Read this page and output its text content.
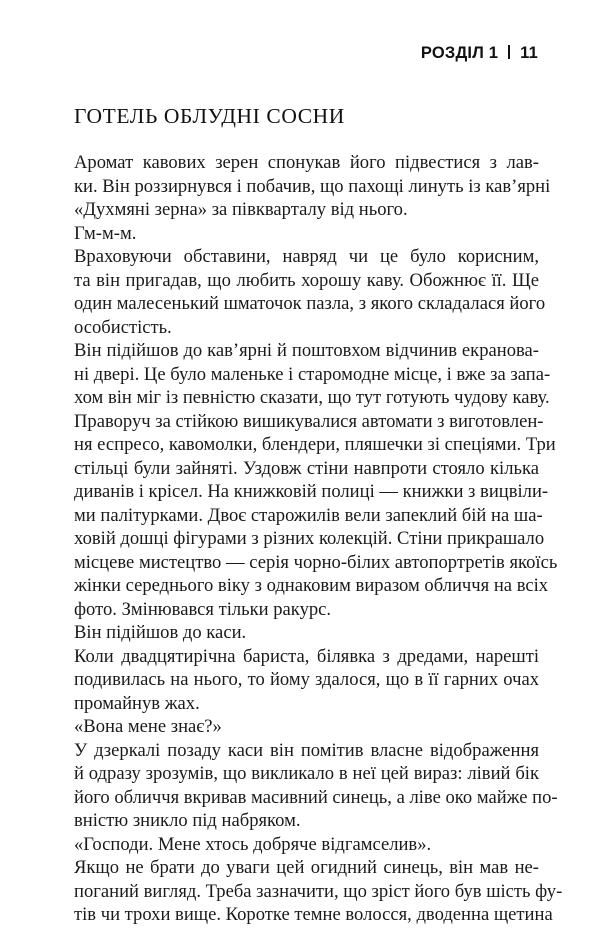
РОЗДІЛ 1 11
ГОТЕЛЬ ОБЛУДНІ СОСНИ
Аромат кавових зерен спонукав його підвестися з лав-
ки. Він роззирнувся і побачив, що пахощі линуть із кав’ярні
«Духмяні зерна» за півкварталу від нього.
Гм-м-м.
Враховуючи обставини, навряд чи це було корисним,
та він пригадав, що любить хорошу каву. Обожнює її. Ще
один малесенький шматочок пазла, з якого складалася його
особистість.
Він підійшов до кав’ярні й поштовхом відчинив екранова-
ні двері. Це було маленьке і старомодне місце, і вже за запа-
хом він міг із певністю сказати, що тут готують чудову каву.
Праворуч за стійкою вишикувалися автомати з виготовлен-
ня еспресо, кавомолки, блендери, пляшечки зі спеціями. Три
стільці були зайняті. Уздовж стіни навпроти стояло кілька
диванів і крісел. На книжковій полиці — книжки з вицвіли-
ми палітурками. Двоє старожилів вели запеклий бій на ша-
ховій дошці фігурами з різних колекцій. Стіни прикрашало
місцеве мистецтво — серія чорно-білих автопортретів якоїсь
жінки середнього віку з однаковим виразом обличчя на всіх
фото. Змінювався тільки ракурс.
Він підійшов до каси.
Коли двадцятирічна бариста, білявка з дредами, нарешті
подивилась на нього, то йому здалося, що в її гарних очах
промайнув жах.
«Вона мене знає?»
У дзеркалі позаду каси він помітив власне відображення
й одразу зрозумів, що викликало в неї цей вираз: лівий бік
його обличчя вкривав масивний синець, а ліве око майже по-
вністю зникло під набряком.
«Господи. Мене хтось добряче відгамселив».
Якщо не брати до уваги цей огидний синець, він мав не-
поганий вигляд. Треба зазначити, що зріст його був шість фу-
тів чи трохи вище. Коротке темне волосся, дводенна щетина
